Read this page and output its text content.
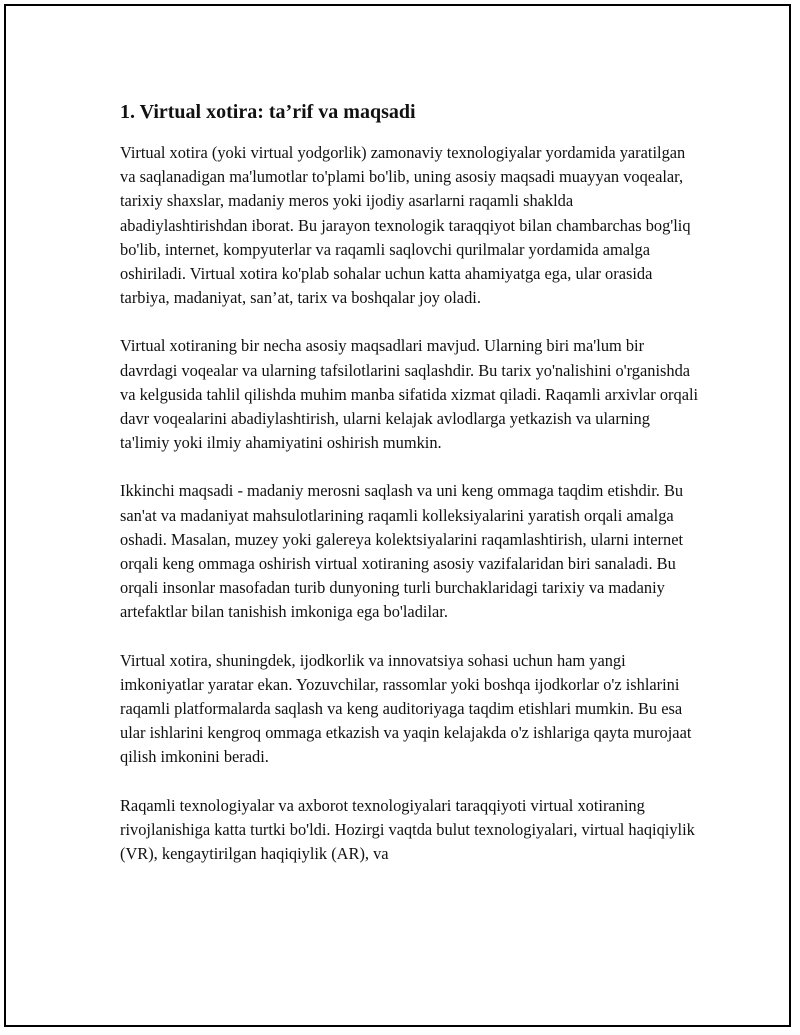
1. Virtual xotira: ta’rif va maqsadi

Virtual xotira (yoki virtual yodgorlik) zamonaviy texnologiyalar yordamida yaratilgan va saqlanadigan ma'lumotlar to'plami bo'lib, uning asosiy maqsadi muayyan voqealar, tarixiy shaxslar, madaniy meros yoki ijodiy asarlarni raqamli shaklda abadiylashtirishdan iborat. Bu jarayon texnologik taraqqiyot bilan chambarchas bog'liq bo'lib, internet, kompyuterlar va raqamli saqlovchi qurilmalar yordamida amalga oshiriladi. Virtual xotira ko'plab sohalar uchun katta ahamiyatga ega, ular orasida tarbiya, madaniyat, san’at, tarix va boshqalar joy oladi.

Virtual xotiraning bir necha asosiy maqsadlari mavjud. Ularning biri ma'lum bir davrdagi voqealar va ularning tafsilotlarini saqlashdir. Bu tarix yo'nalishini o'rganishda va kelgusida tahlil qilishda muhim manba sifatida xizmat qiladi. Raqamli arxivlar orqali davr voqealarini abadiylashtirish, ularni kelajak avlodlarga yetkazish va ularning ta'limiy yoki ilmiy ahamiyatini oshirish mumkin.

Ikkinchi maqsadi - madaniy merosni saqlash va uni keng ommaga taqdim etishdir. Bu san'at va madaniyat mahsulotlarining raqamli kolleksiyalarini yaratish orqali amalga oshadi. Masalan, muzey yoki galereya kolektsiyalarini raqamlashtirish, ularni internet orqali keng ommaga oshirish virtual xotiraning asosiy vazifalaridan biri sanaladi. Bu orqali insonlar masofadan turib dunyoning turli burchaklaridagi tarixiy va madaniy artefaktlar bilan tanishish imkoniga ega bo'ladilar.

Virtual xotira, shuningdek, ijodkorlik va innovatsiya sohasi uchun ham yangi imkoniyatlar yaratar ekan. Yozuvchilar, rassomlar yoki boshqa ijodkorlar o'z ishlarini raqamli platformalarda saqlash va keng auditoriyaga taqdim etishlari mumkin. Bu esa ular ishlarini kengroq ommaga etkazish va yaqin kelajakda o'z ishlariga qayta murojaat qilish imkonini beradi.

Raqamli texnologiyalar va axborot texnologiyalari taraqqiyoti virtual xotiraning rivojlanishiga katta turtki bo'ldi. Hozirgi vaqtda bulut texnologiyalari, virtual haqiqiylik (VR), kengaytirilgan haqiqiylik (AR), va
